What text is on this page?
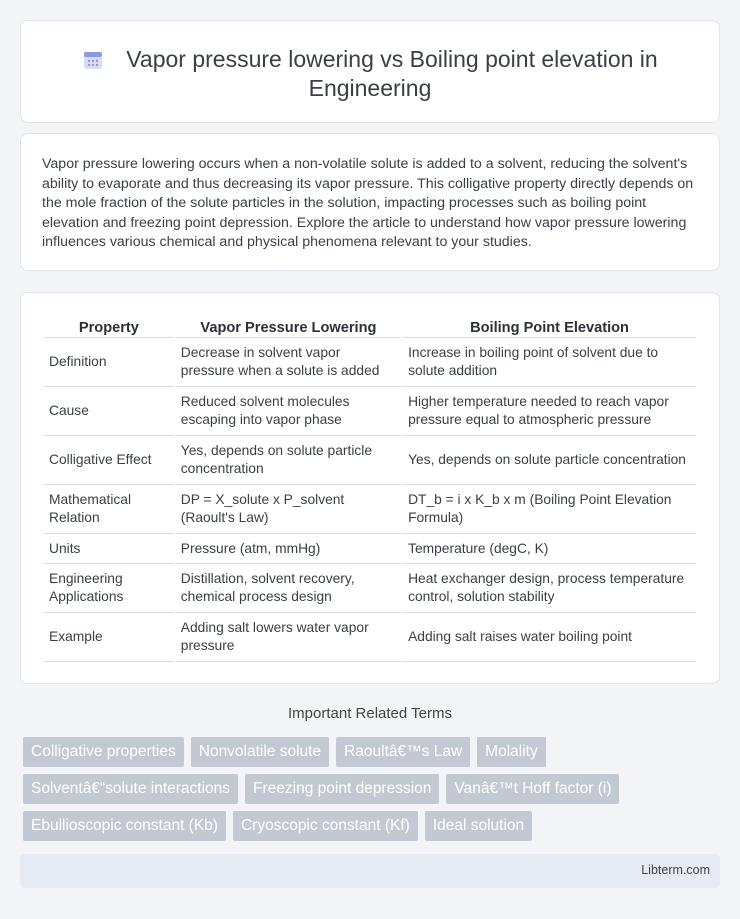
Vapor pressure lowering vs Boiling point elevation in Engineering

Vapor pressure lowering occurs when a non-volatile solute is added to a solvent, reducing the solvent's ability to evaporate and thus decreasing its vapor pressure. This colligative property directly depends on the mole fraction of the solute particles in the solution, impacting processes such as boiling point elevation and freezing point depression. Explore the article to understand how vapor pressure lowering influences various chemical and physical phenomena relevant to your studies.

Property	Vapor Pressure Lowering	Boiling Point Elevation
Definition	Decrease in solvent vapor pressure when a solute is added	Increase in boiling point of solvent due to solute addition
Cause	Reduced solvent molecules escaping into vapor phase	Higher temperature needed to reach vapor pressure equal to atmospheric pressure
Colligative Effect	Yes, depends on solute particle concentration	Yes, depends on solute particle concentration
Mathematical Relation	DP = X_solute x P_solvent (Raoult's Law)	DT_b = i x K_b x m (Boiling Point Elevation Formula)
Units	Pressure (atm, mmHg)	Temperature (degC, K)
Engineering Applications	Distillation, solvent recovery, chemical process design	Heat exchanger design, process temperature control, solution stability
Example	Adding salt lowers water vapor pressure	Adding salt raises water boiling point
Important Related Terms
Colligative properties	Nonvolatile solute	Raoultâ€™s Law	Molality
Solventâ€“solute interactions	Freezing point depression	Vanâ€™t Hoff factor (i)
Ebullioscopic constant (Kb)	Cryoscopic constant (Kf)	Ideal solution
Libterm.com
